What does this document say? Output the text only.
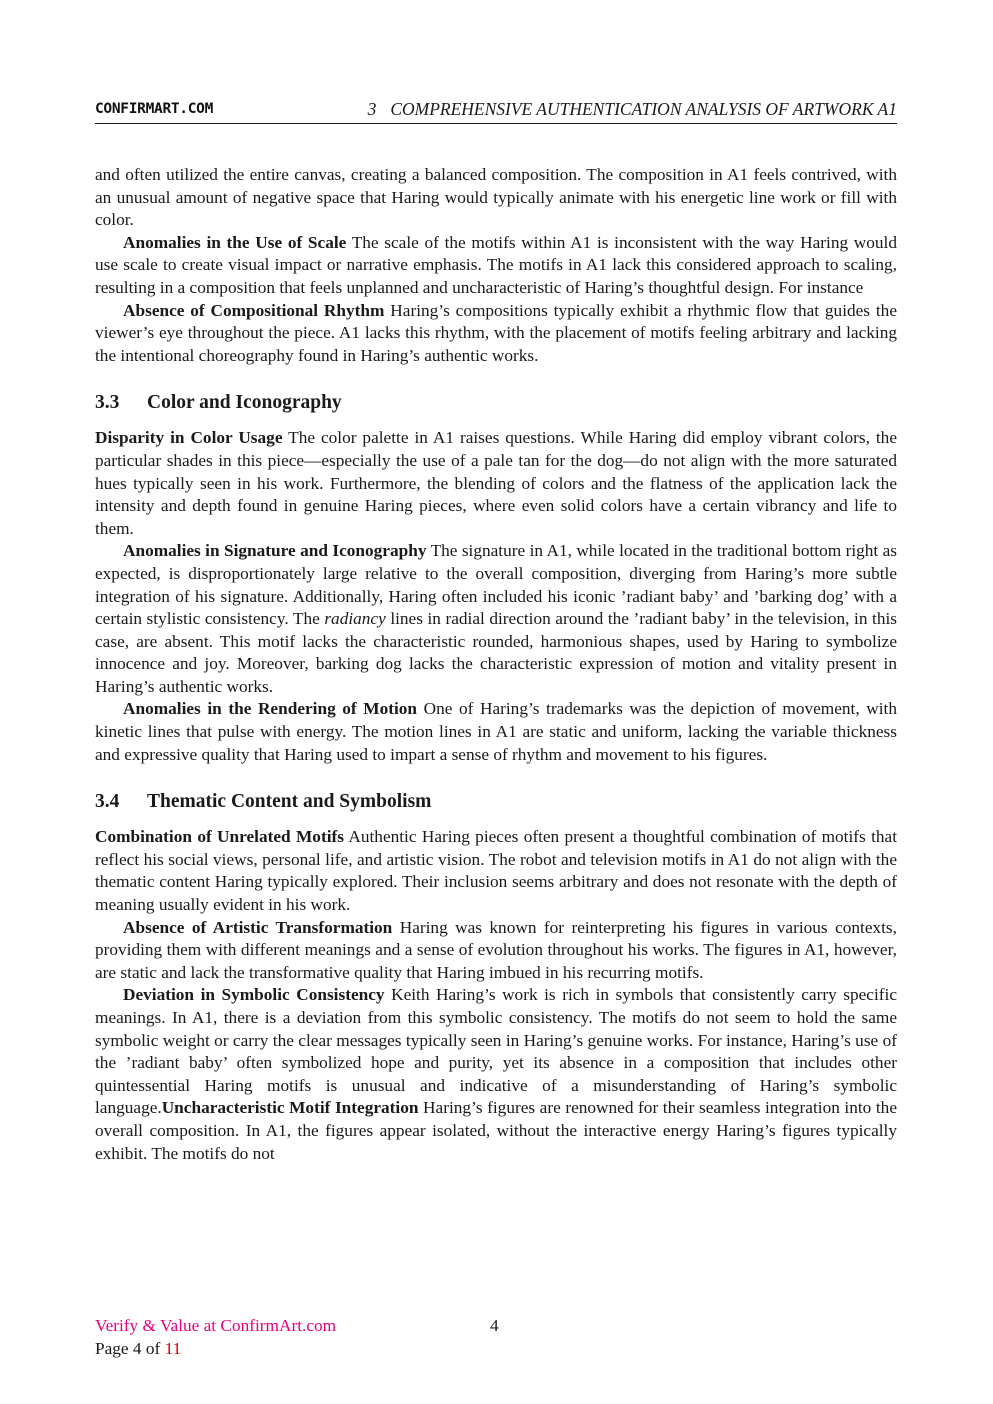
CONFIRMART.COM	3 COMPREHENSIVE AUTHENTICATION ANALYSIS OF ARTWORK A1

and often utilized the entire canvas, creating a balanced composition. The composition in A1 feels contrived, with an unusual amount of negative space that Haring would typically animate with his energetic line work or fill with color.

Anomalies in the Use of Scale The scale of the motifs within A1 is inconsistent with the way Haring would use scale to create visual impact or narrative emphasis. The motifs in A1 lack this considered approach to scaling, resulting in a composition that feels unplanned and uncharacteristic of Haring’s thoughtful design. For instance

Absence of Compositional Rhythm Haring’s compositions typically exhibit a rhythmic flow that guides the viewer’s eye throughout the piece. A1 lacks this rhythm, with the placement of motifs feeling arbitrary and lacking the intentional choreography found in Haring’s authentic works.

3.3 Color and Iconography

Disparity in Color Usage The color palette in A1 raises questions. While Haring did employ vibrant colors, the particular shades in this piece—especially the use of a pale tan for the dog—do not align with the more saturated hues typically seen in his work. Furthermore, the blending of colors and the flatness of the application lack the intensity and depth found in genuine Haring pieces, where even solid colors have a certain vibrancy and life to them.

Anomalies in Signature and Iconography The signature in A1, while located in the traditional bottom right as expected, is disproportionately large relative to the overall composition, diverging from Haring’s more subtle integration of his signature. Additionally, Haring often included his iconic ’radiant baby’ and ’barking dog’ with a certain stylistic consistency. The radiancy lines in radial direction around the ’radiant baby’ in the television, in this case, are absent. This motif lacks the characteristic rounded, harmonious shapes, used by Haring to symbolize innocence and joy. Moreover, barking dog lacks the characteristic expression of motion and vitality present in Haring’s authentic works.

Anomalies in the Rendering of Motion One of Haring’s trademarks was the depiction of movement, with kinetic lines that pulse with energy. The motion lines in A1 are static and uniform, lacking the variable thickness and expressive quality that Haring used to impart a sense of rhythm and movement to his figures.

3.4 Thematic Content and Symbolism

Combination of Unrelated Motifs Authentic Haring pieces often present a thoughtful combination of motifs that reflect his social views, personal life, and artistic vision. The robot and television motifs in A1 do not align with the thematic content Haring typically explored. Their inclusion seems arbitrary and does not resonate with the depth of meaning usually evident in his work.

Absence of Artistic Transformation Haring was known for reinterpreting his figures in various contexts, providing them with different meanings and a sense of evolution throughout his works. The figures in A1, however, are static and lack the transformative quality that Haring imbued in his recurring motifs.

Deviation in Symbolic Consistency Keith Haring’s work is rich in symbols that consistently carry specific meanings. In A1, there is a deviation from this symbolic consistency. The motifs do not seem to hold the same symbolic weight or carry the clear messages typically seen in Haring’s genuine works. For instance, Haring’s use of the ’radiant baby’ often symbolized hope and purity, yet its absence in a composition that includes other quintessential Haring motifs is unusual and indicative of a misunderstanding of Haring’s symbolic language.Uncharacteristic Motif Integration Haring’s figures are renowned for their seamless integration into the overall composition. In A1, the figures appear isolated, without the interactive energy Haring’s figures typically exhibit. The motifs do not

Verify & Value at ConfirmArt.com	4
Page 4 of 11
